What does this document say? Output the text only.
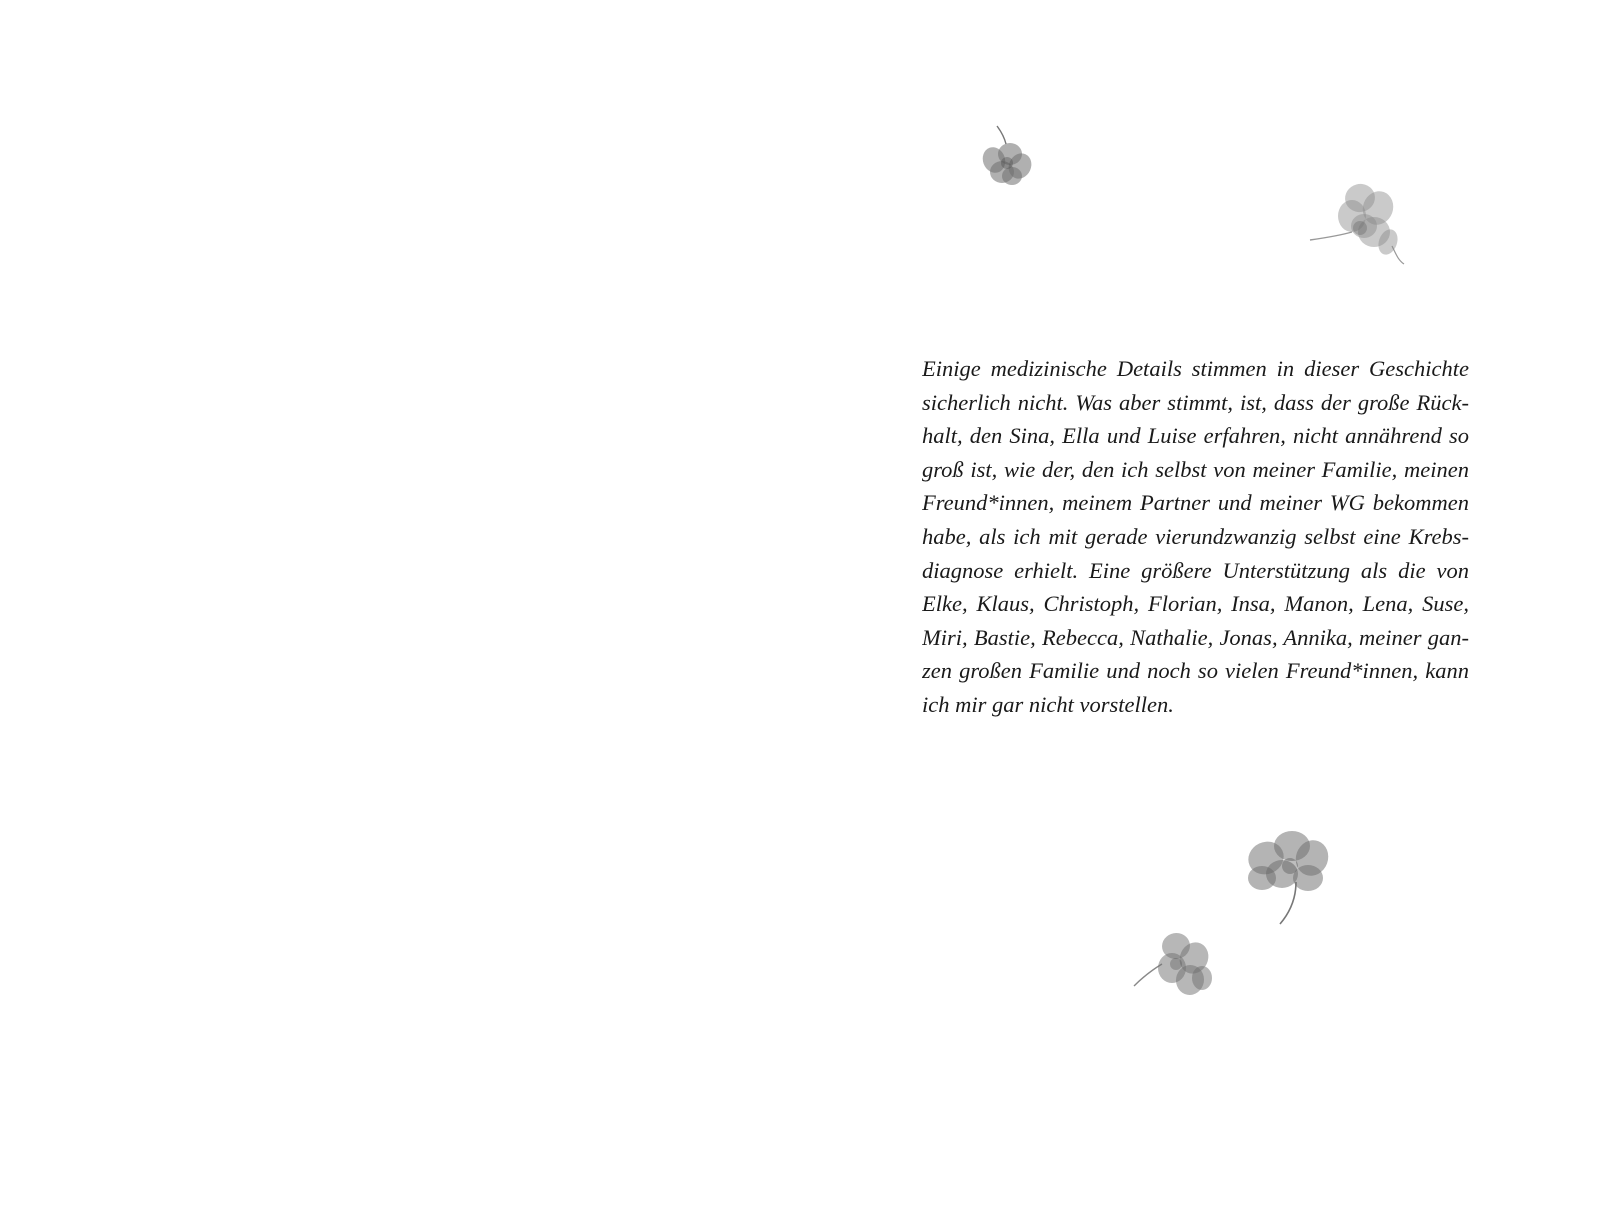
Einige medizinische Details stimmen in dieser Geschichte
sicherlich nicht. Was aber stimmt, ist, dass der große Rück-
halt, den Sina, Ella und Luise erfahren, nicht annährend so
groß ist, wie der, den ich selbst von meiner Familie, meinen
Freund*innen, meinem Partner und meiner WG bekommen
habe, als ich mit gerade vierundzwanzig selbst eine Krebs-
diagnose erhielt. Eine größere Unterstützung als die von
Elke, Klaus, Christoph, Florian, Insa, Manon, Lena, Suse,
Miri, Bastie, Rebecca, Nathalie, Jonas, Annika, meiner gan-
zen großen Familie und noch so vielen Freund*innen, kann
ich mir gar nicht vorstellen.
